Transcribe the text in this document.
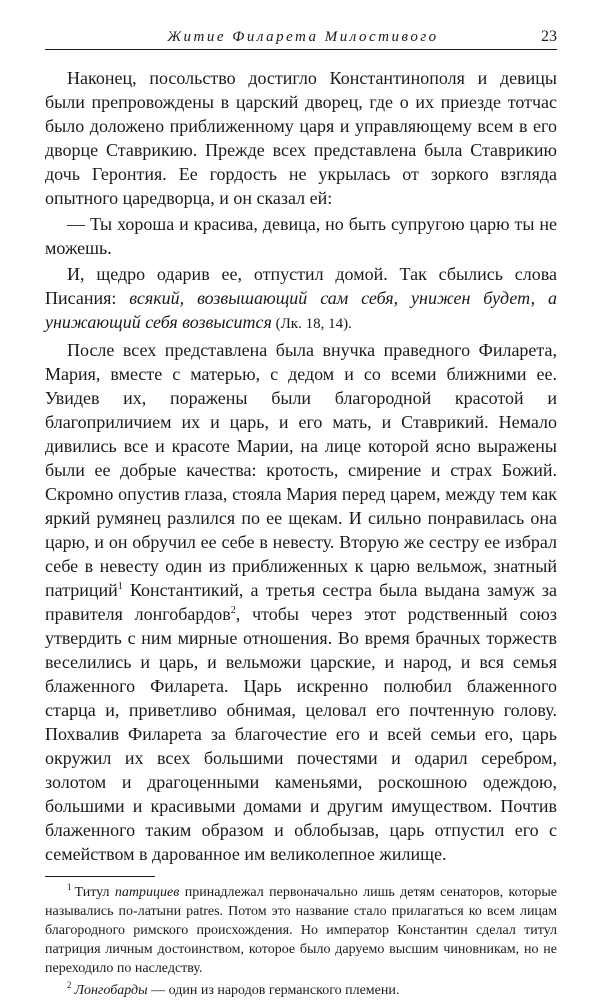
Житие Филарета Милостивого	23

Наконец, посольство достигло Константинополя и девицы были препровождены в царский дворец, где о их приезде тотчас было доложено приближенному царя и управляющему всем в его дворце Ставрикию. Прежде всех представлена была Ставрикию дочь Геронтия. Ее гордость не укрылась от зоркого взгляда опытного царедворца, и он сказал ей:

— Ты хороша и красива, девица, но быть супругою царю ты не можешь.

И, щедро одарив ее, отпустил домой. Так сбылись слова Писания: всякий, возвышающий сам себя, унижен будет, а унижающий себя возвысится (Лк. 18, 14).

После всех представлена была внучка праведного Филарета, Мария, вместе с матерью, с дедом и со всеми ближними ее. Увидев их, поражены были благородной красотой и благоприличием их и царь, и его мать, и Ставрикий. Немало дивились все и красоте Марии, на лице которой ясно выражены были ее добрые качества: кротость, смирение и страх Божий. Скромно опустив глаза, стояла Мария перед царем, между тем как яркий румянец разлился по ее щекам. И сильно понравилась она царю, и он обручил ее себе в невесту. Вторую же сестру ее избрал себе в невесту один из приближенных к царю вельмож, знатный патриций$^1$ Константикий, а третья сестра была выдана замуж за правителя лонгобардов$^2$, чтобы через этот родственный союз утвердить с ним мирные отношения. Во время брачных торжеств веселились и царь, и вельможи царские, и народ, и вся семья блаженного Филарета. Царь искренно полюбил блаженного старца и, приветливо обнимая, целовал его почтенную голову. Похвалив Филарета за благочестие его и всей семьи его, царь окружил их всех большими почестями и одарил серебром, золотом и драгоценными каменьями, роскошною одеждою, большими и красивыми домами и другим имуществом. Почтив блаженного таким образом и облобызав, царь отпустил его с семейством в дарованное им великолепное жилище.

$^1$ Титул патрициев принадлежал первоначально лишь детям сенаторов, которые назывались по-латыни patres. Потом это название стало прилагаться ко всем лицам благородного римского происхождения. Но император Константин сделал титул патриция личным достоинством, которое было даруемо высшим чиновникам, но не переходило по наследству.

$^2$ Лонгобарды — один из народов германского племени.
